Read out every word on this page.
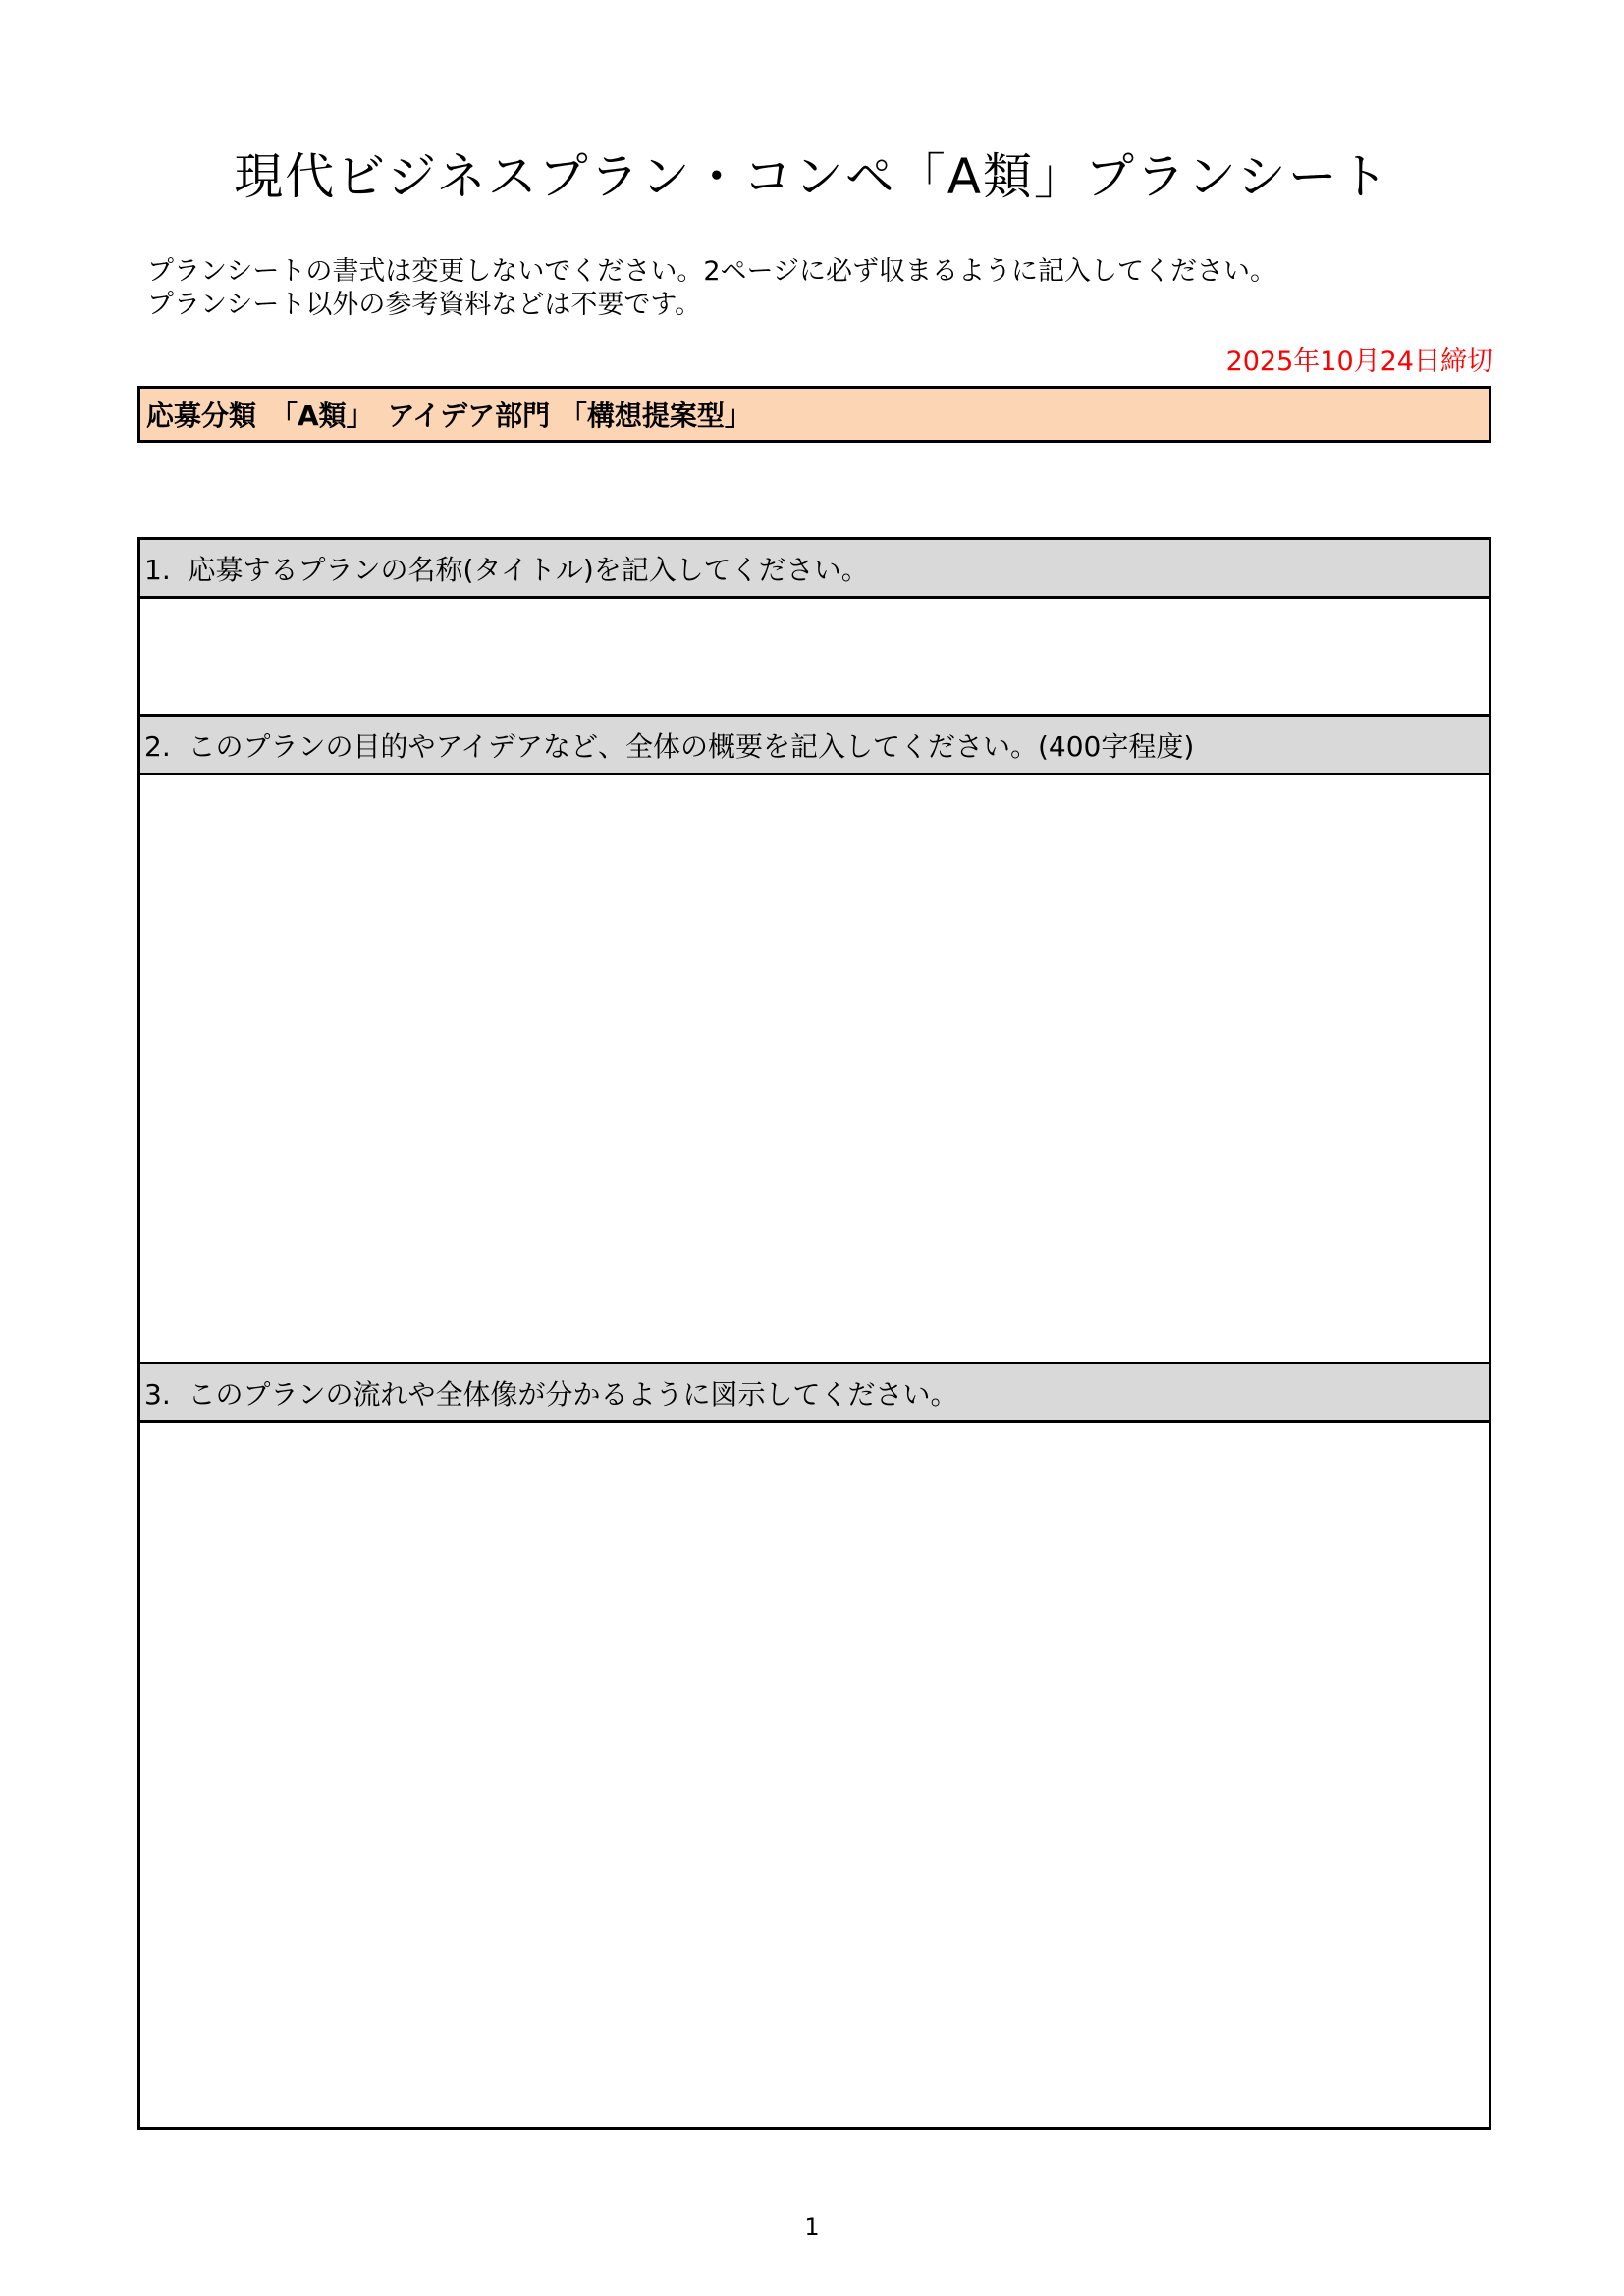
現代ビジネスプラン・コンペ「A類」プランシート

プランシートの書式は変更しないでください。2ページに必ず収まるように記入してください。

プランシート以外の参考資料などは不要です。

2025年10月24日締切

応募分類　「A類」　アイデア部門 「構想提案型」
1.  応募するプランの名称(タイトル)を記入してください。
2.  このプランの目的やアイデアなど、全体の概要を記入してください。(400字程度)
3.  このプランの流れや全体像が分かるように図示してください。

1
